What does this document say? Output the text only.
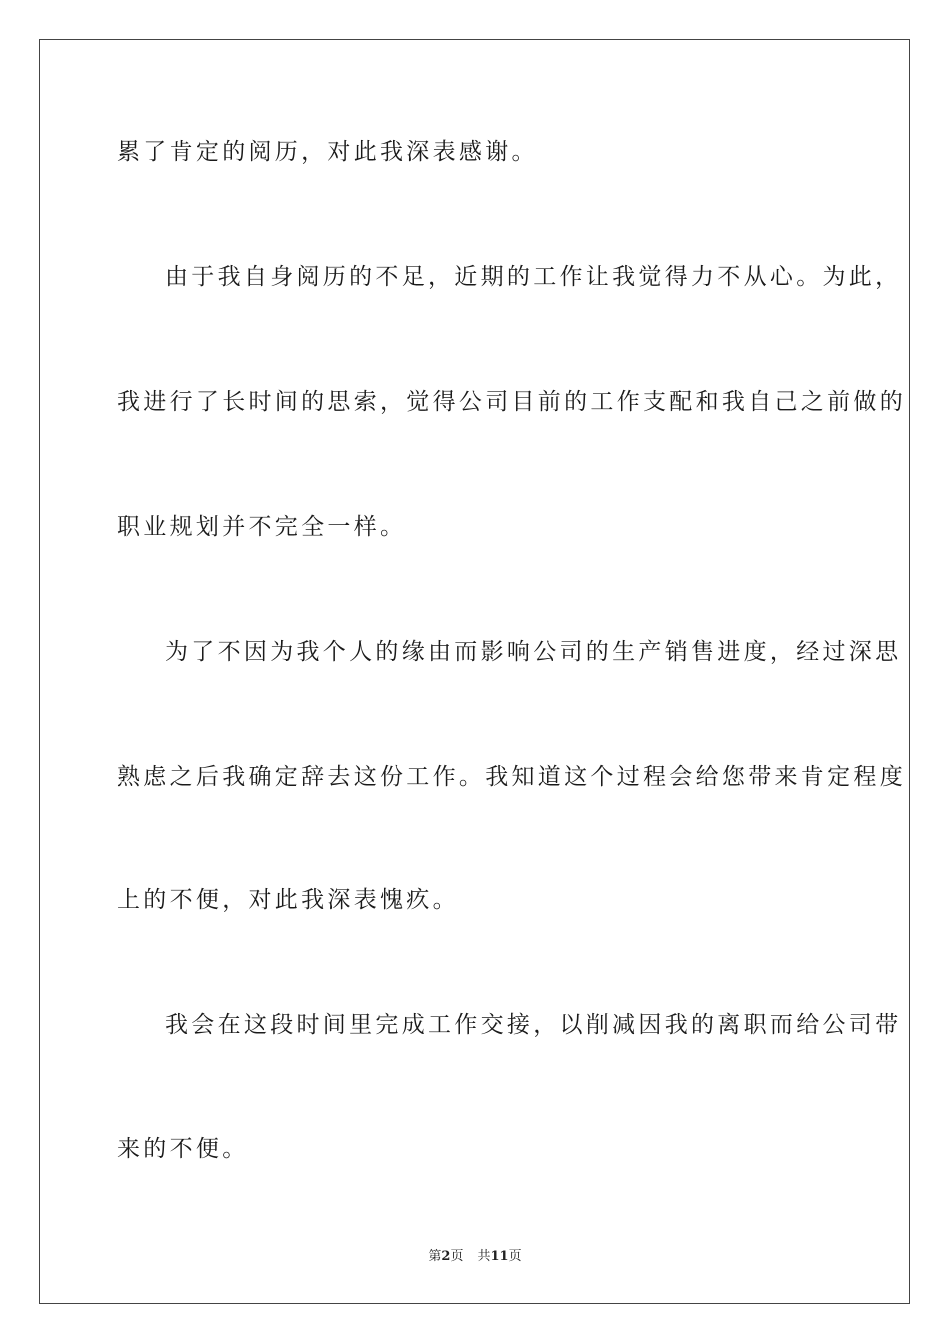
累了肯定的阅历，对此我深表感谢。
由于我自身阅历的不足，近期的工作让我觉得力不从心。为此，
我进行了长时间的思索，觉得公司目前的工作支配和我自己之前做的
职业规划并不完全一样。
为了不因为我个人的缘由而影响公司的生产销售进度，经过深思
熟虑之后我确定辞去这份工作。我知道这个过程会给您带来肯定程度
上的不便，对此我深表愧疚。
我会在这段时间里完成工作交接，以削减因我的离职而给公司带
来的不便。
第2页 共11页
